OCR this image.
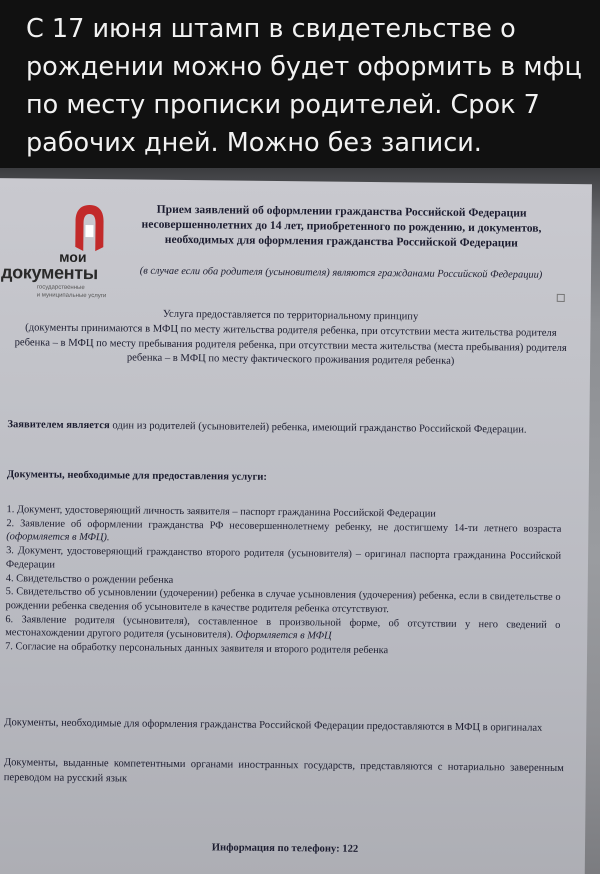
С 17 июня штамп в свидетельстве о рождении можно будет оформить в мфц по месту прописки родителей. Срок 7 рабочих дней. Можно без записи.
мои
документы
государственные
и муниципальные услуги
Прием заявлений об оформлении гражданства Российской Федерации несовершеннолетних до 14 лет, приобретенного по рождению, и документов, необходимых для оформления гражданства Российской Федерации
(в случае если оба родителя (усыновителя) являются гражданами Российской Федерации)
Услуга предоставляется по территориальному принципу
(документы принимаются в МФЦ по месту жительства родителя ребенка, при отсутствии места жительства родителя ребенка – в МФЦ по месту пребывания родителя ребенка, при отсутствии места жительства (места пребывания) родителя ребенка – в МФЦ по месту фактического проживания родителя ребенка)
Заявителем является один из родителей (усыновителей) ребенка, имеющий гражданство Российской Федерации.
Документы, необходимые для предоставления услуги:
1. Документ, удостоверяющий личность заявителя – паспорт гражданина Российской Федерации
2. Заявление об оформлении гражданства РФ несовершеннолетнему ребенку, не достигшему 14-ти летнего возраста (оформляется в МФЦ).
3. Документ, удостоверяющий гражданство второго родителя (усыновителя) – оригинал паспорта гражданина Российской Федерации
4. Свидетельство о рождении ребенка
5. Свидетельство об усыновлении (удочерении) ребенка в случае усыновления (удочерения) ребенка, если в свидетельстве о рождении ребенка сведения об усыновителе в качестве родителя ребенка отсутствуют.
6. Заявление родителя (усыновителя), составленное в произвольной форме, об отсутствии у него сведений о местонахождении другого родителя (усыновителя). Оформляется в МФЦ
7. Согласие на обработку персональных данных заявителя и второго родителя ребенка
Документы, необходимые для оформления гражданства Российской Федерации предоставляются в МФЦ в оригиналах
Документы, выданные компетентными органами иностранных государств, представляются с нотариально заверенным переводом на русский язык
Информация по телефону: 122
